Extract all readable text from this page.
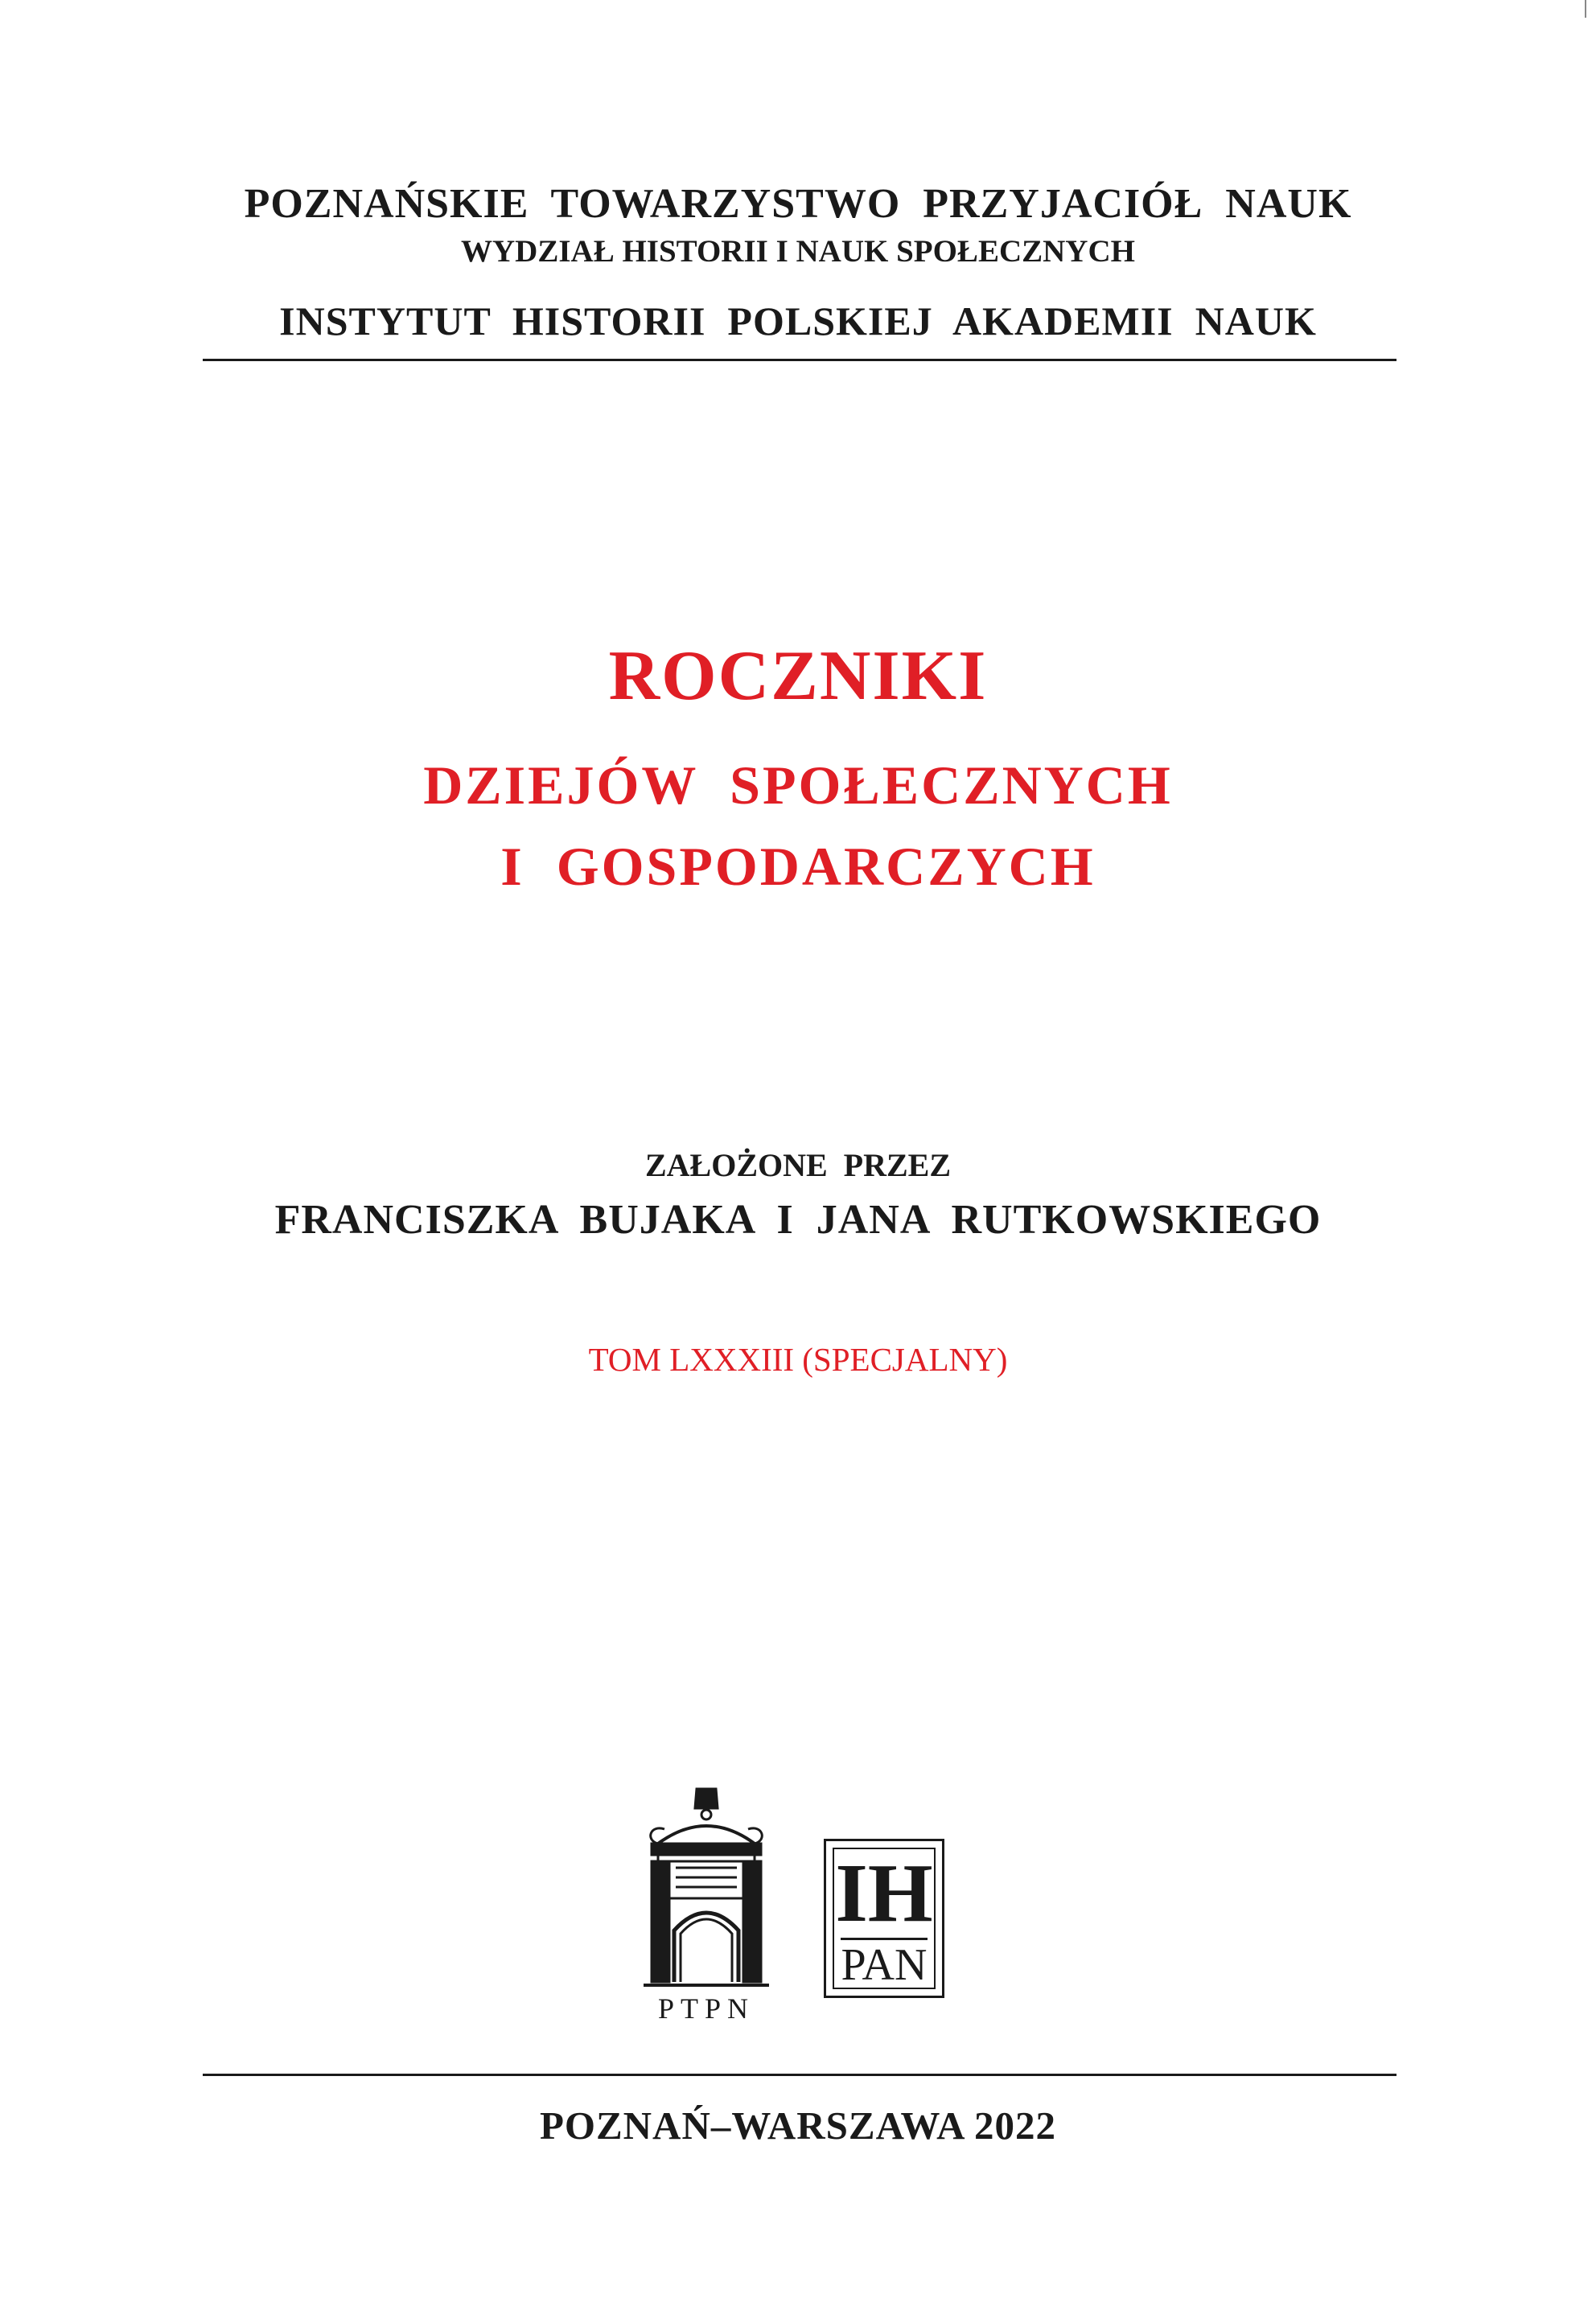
POZNAŃSKIE  TOWARZYSTWO  PRZYJACIÓŁ  NAUK

WYDZIAŁ HISTORII I NAUK SPOŁECZNYCH

INSTYTUT  HISTORII  POLSKIEJ  AKADEMII  NAUK

ROCZNIKI

DZIEJÓW  SPOŁECZNYCH

I  GOSPODARCZYCH

ZAŁOŻONE  PRZEZ

FRANCISZKA  BUJAKA  I  JANA  RUTKOWSKIEGO

TOM LXXXIII (SPECJALNY)

PTPN
IH
PAN

POZNAŃ–WARSZAWA 2022
